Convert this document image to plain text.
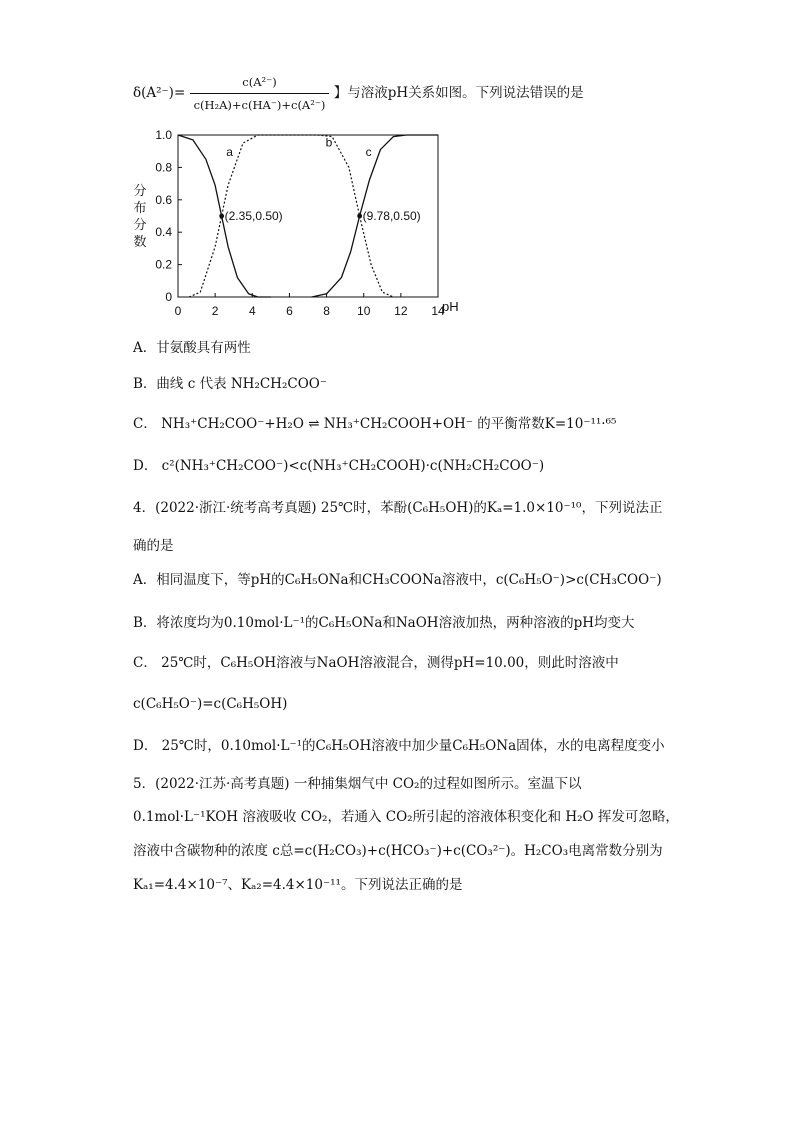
$\delta(A^{2-})= \frac{\text{c(A²⁻)}}{\text{c(H₂A)+c(HA⁻)+c(A²⁻)}}$ 】与溶液pH关系如图。下列说法错误的是
0	2	4	6	8 10 12 14
0
0.2
0.4
0.6
0.8
1.0
pH
分
布
分
数
a
b
c
(2.35,0.50)	(9.78,0.50)
A．甘氨酸具有两性
B．曲线 c 代表 NH₂CH₂COO⁻
C． NH₃⁺CH₂COO⁻+H₂O ⇌ NH₃⁺CH₂COOH+OH⁻ 的平衡常数K=10⁻¹¹·⁶⁵
D． c²(NH₃⁺CH₂COO⁻)<c(NH₃⁺CH₂COOH)·c(NH₂CH₂COO⁻)
4．(2022·浙江·统考高考真题) 25℃时，苯酚(C₆H₅OH)的Kₐ=1.0×10⁻¹⁰，下列说法正
确的是
A．相同温度下，等pH的C₆H₅ONa和CH₃COONa溶液中，c(C₆H₅O⁻)>c(CH₃COO⁻)
B．将浓度均为0.10mol·L⁻¹的C₆H₅ONa和NaOH溶液加热，两种溶液的pH均变大
C． 25℃时，C₆H₅OH溶液与NaOH溶液混合，测得pH=10.00，则此时溶液中
c(C₆H₅O⁻)=c(C₆H₅OH)
D． 25℃时，0.10mol·L⁻¹的C₆H₅OH溶液中加少量C₆H₅ONa固体，水的电离程度变小
5．(2022·江苏·高考真题) 一种捕集烟气中 CO₂的过程如图所示。室温下以
0.1mol·L⁻¹KOH 溶液吸收 CO₂，若通入 CO₂所引起的溶液体积变化和 H₂O 挥发可忽略，
溶液中含碳物种的浓度 c总=c(H₂CO₃)+c(HCO₃⁻)+c(CO₃²⁻)。H₂CO₃电离常数分别为
Kₐ₁=4.4×10⁻⁷、Kₐ₂=4.4×10⁻¹¹。下列说法正确的是
